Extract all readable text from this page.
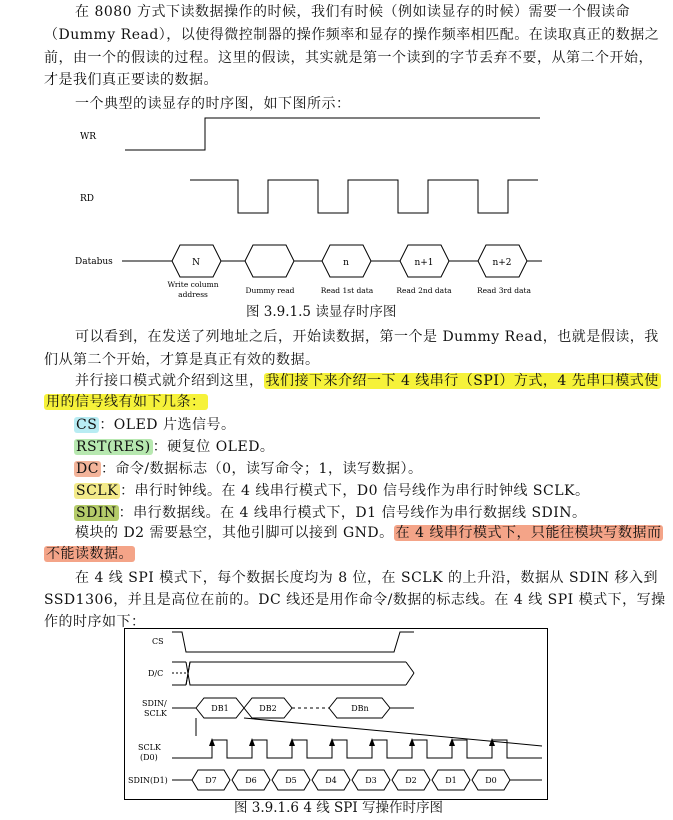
在 8080 方式下读数据操作的时候，我们有时候（例如读显存的时候）需要一个假读命
（Dummy Read），以使得微控制器的操作频率和显存的操作频率相匹配。在读取真正的数据之
前，由一个的假读的过程。这里的假读，其实就是第一个读到的字节丢弃不要，从第二个开始，
才是我们真正要读的数据。
一个典型的读显存的时序图，如下图所示：
WR
RD
Databus	N	n	n+1	n+2
Write column
address	Dummy read	Read 1st data	Read 2nd data	Read 3rd data
图 3.9.1.5 读显存时序图
可以看到，在发送了列地址之后，开始读数据，第一个是 Dummy Read，也就是假读，我
们从第二个开始，才算是真正有效的数据。
并行接口模式就介绍到这里， 我们接下来介绍一下 4 线串行（SPI）方式，4 先串口模式使
用的信号线有如下几条：
CS ：OLED 片选信号。
RST(RES) ：硬复位 OLED。
DC ：命令/数据标志（0，读写命令；1，读写数据）。
SCLK ：串行时钟线。在 4 线串行模式下，D0 信号线作为串行时钟线 SCLK。
SDIN ：串行数据线。在 4 线串行模式下，D1 信号线作为串行数据线 SDIN。
模块的 D2 需要悬空，其他引脚可以接到 GND。 在 4 线串行模式下，只能往模块写数据而
不能读数据。
在 4 线 SPI 模式下，每个数据长度均为 8 位，在 SCLK 的上升沿，数据从 SDIN 移入到
SSD1306，并且是高位在前的。DC 线还是用作命令/数据的标志线。在 4 线 SPI 模式下，写操
作的时序如下：
CS
D/C
SDIN/
SCLK
SCLK
(D0)
SDIN(D1)
DB1	DB2	DBn
D7	D6	D5	D4	D3	D2	D1	D0
图 3.9.1.6 4 线 SPI 写操作时序图
